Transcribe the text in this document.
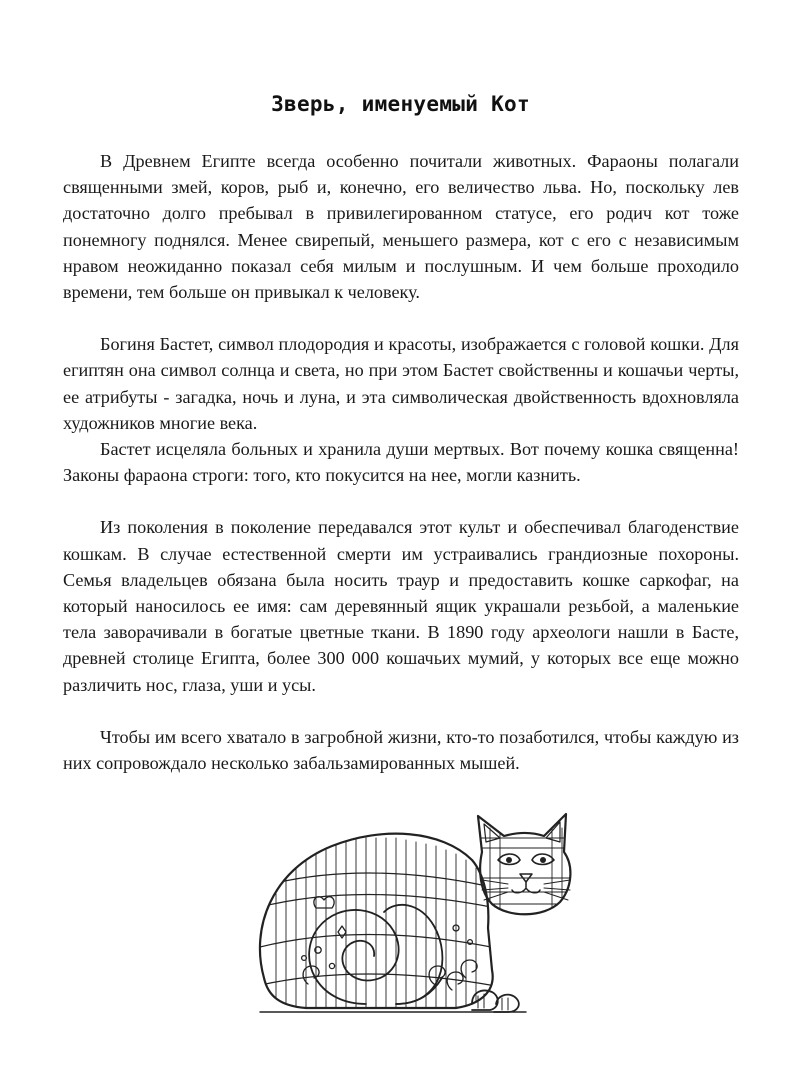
Зверь, именуемый Кот

В Древнем Египте всегда особенно почитали животных. Фараоны полагали священными змей, коров, рыб и, конечно, его величество льва. Но, поскольку лев достаточно долго пребывал в привилегированном статусе, его родич кот тоже понемногу поднялся. Менее свирепый, меньшего размера, кот с его с независимым нравом неожиданно показал себя милым и послушным. И чем больше проходило времени, тем больше он привыкал к человеку.

Богиня Бастет, символ плодородия и красоты, изображается с головой кошки. Для египтян она символ солнца и света, но при этом Бастет свойственны и кошачьи черты, ее атрибуты - загадка, ночь и луна, и эта символическая двойственность вдохновляла художников многие века.

Бастет исцеляла больных и хранила души мертвых. Вот почему кошка священна! Законы фараона строги: того, кто покусится на нее, могли казнить.

Из поколения в поколение передавался этот культ и обеспечивал благоденствие кошкам. В случае естественной смерти им устраивались грандиозные похороны. Семья владельцев обязана была носить траур и предоставить кошке саркофаг, на который наносилось ее имя: сам деревянный ящик украшали резьбой, а маленькие тела заворачивали в богатые цветные ткани. В 1890 году археологи нашли в Басте, древней столице Египта, более 300 000 кошачьих мумий, у которых все еще можно различить нос, глаза, уши и усы.

Чтобы им всего хватало в загробной жизни, кто-то позаботился, чтобы каждую из них сопровождало несколько забальзамированных мышей.
